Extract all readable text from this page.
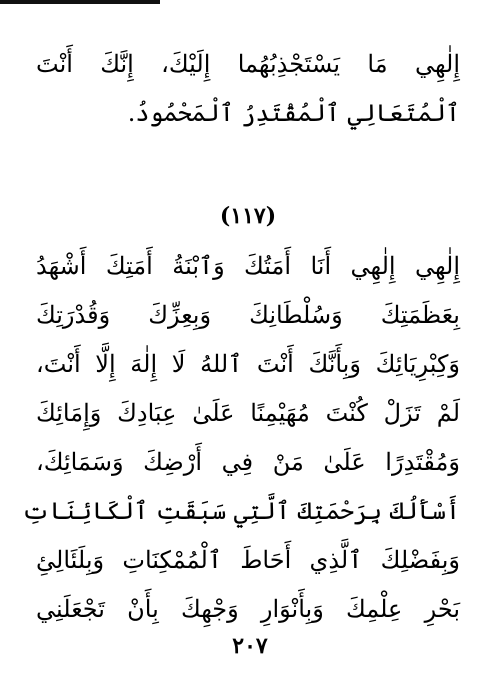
إِلٰهِي مَا يَسْتَجْذِبُهُما إِلَيْكَ، إِنَّكَ أَنْتَ
ٱلْمُتَعَالِي ٱلْمُقْتَدِرُ ٱلْمَحْمُودُ.
(١١٧)
إِلٰهِي إِلٰهِي أَنَا أَمَتُكَ وَٱبْنَةُ أَمَتِكَ أَشْهَدُ
بِعَظَمَتِكَ وَسُلْطَانِكَ وَبِعِزِّكَ وَقُدْرَتِكَ
وَكِبْرِيَائِكَ وَبِأَنَّكَ أَنْتَ ٱللهُ لَا إِلٰهَ إِلَّا أَنْتَ،
لَمْ تَزَلْ كُنْتَ مُهَيْمِنًا عَلَىٰ عِبَادِكَ وَإِمَائِكَ
وَمُقْتَدِرًا عَلَىٰ مَنْ فِي أَرْضِكَ وَسَمَائِكَ،
أَسْأَلُكَ بِرَحْمَتِكَ ٱلَّتِي سَبَقَتِ ٱلْكَائِنَاتِ
وَبِفَضْلِكَ ٱلَّذِي أَحَاطَ ٱلْمُمْكِنَاتِ وَبِلَئَالِئِ
بَحْرِ عِلْمِكَ وَبِأَنْوَارِ وَجْهِكَ بِأَنْ تَجْعَلَنِي
٢٠٧
